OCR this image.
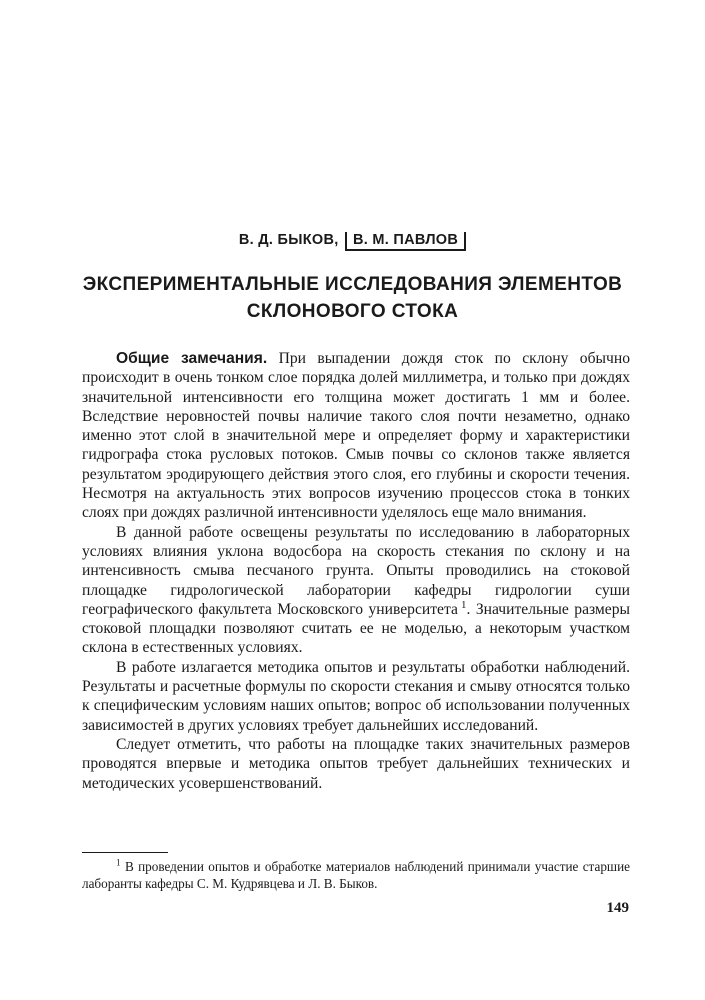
В. Д. БЫКОВ, В. М. ПАВЛОВ
ЭКСПЕРИМЕНТАЛЬНЫЕ ИССЛЕДОВАНИЯ ЭЛЕМЕНТОВ
СКЛОНОВОГО СТОКА

Общие замечания. При выпадении дождя сток по склону обычно происходит в очень тонком слое порядка долей миллиметра, и только при дождях значительной интенсивности его толщина может достигать 1 мм и более. Вследствие неровностей почвы наличие такого слоя почти незаметно, однако именно этот слой в значительной мере и определяет форму и характеристики гидрографа стока русловых потоков. Смыв почвы со склонов также является результатом эродирующего действия этого слоя, его глубины и скорости течения. Несмотря на актуальность этих вопросов изучению процессов стока в тонких слоях при дождях различной интенсивности уделялось еще мало внимания.

В данной работе освещены результаты по исследованию в лабораторных условиях влияния уклона водосбора на скорость стекания по склону и на интенсивность смыва песчаного грунта. Опыты проводились на стоковой площадке гидрологической лаборатории кафедры гидрологии суши географического факультета Московского университета  $^1$. Значительные размеры стоковой площадки позволяют считать ее не моделью, а некоторым участком склона в естественных условиях.

В работе излагается методика опытов и результаты обработки наблюдений. Результаты и расчетные формулы по скорости стекания и смыву относятся только к специфическим условиям наших опытов; вопрос об использовании полученных зависимостей в других условиях требует дальнейших исследований.

Следует отметить, что работы на площадке таких значительных размеров проводятся впервые и методика опытов требует дальнейших технических и методических усовершенствований.

$^1$ В проведении опытов и обработке материалов наблюдений принимали участие старшие лаборанты кафедры С. М. Кудрявцева и Л. В. Быков.
149
